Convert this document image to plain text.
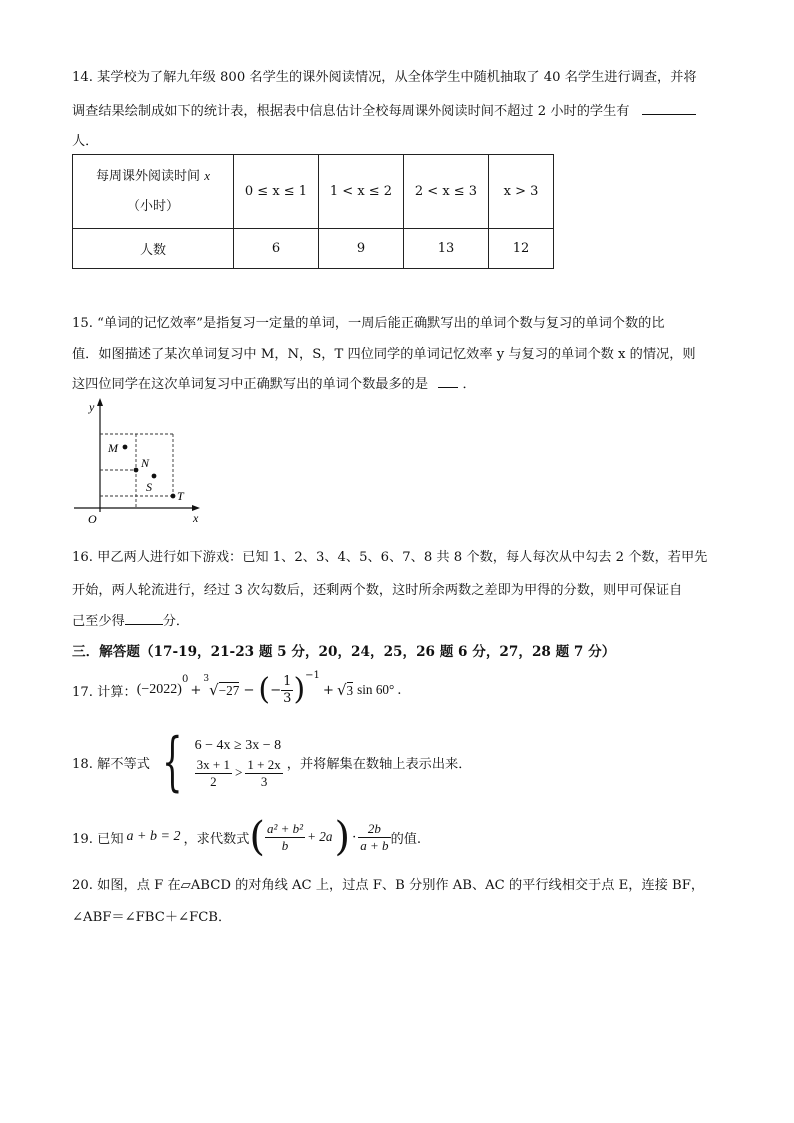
14. 某学校为了解九年级 800 名学生的课外阅读情况，从全体学生中随机抽取了 40 名学生进行调查，并将
调查结果绘制成如下的统计表，根据表中信息估计全校每周课外阅读时间不超过 2 小时的学生有
人．
每周课外阅读时间 x
（小时）	0 ≤ x ≤ 1	1 < x ≤ 2	2 < x ≤ 3	x > 3
人数	6	9	13	12
15. “单词的记忆效率”是指复习一定量的单词，一周后能正确默写出的单词个数与复习的单词个数的比
值．如图描述了某次单词复习中 M，N，S，T 四位同学的单词记忆效率 y 与复习的单词个数 x 的情况，则
这四位同学在这次单词复习中正确默写出的单词个数最多的是	．
y
x
O
M
N
S
T
16. 甲乙两人进行如下游戏：已知 1、2、3、4、5、6、7、8 共 8 个数，每人每次从中勾去 2 个数，若甲先
开始，两人轮流进行，经过 3 次勾数后，还剩两个数，这时所余两数之差即为甲得的分数，则甲可保证自
己至少得	分．
三．解答题（17-19，21-23 题 5 分，20，24，25，26 题 6 分，27，28 题 7 分）
17. 计算： (−2022)
$^0$
+
3
√ −27 − ( − $\frac{1}{3} )^{-1}$
+ √ 3 sin 60° .
18. 解不等式 { 6 − 4x ≥ 3x − 8
$\frac{3x + 1}{2} > \frac{1 + 2x}{3}$ ，并将解集在数轴上表示出来．
19. 已知 a + b = 2 ，求代数式 ( $\frac{\text{a² + b²}}{b} + 2a$ ) · $\frac{2b}{a + b}$ 的值.
20. 如图，点 F 在▱ABCD 的对角线 AC 上，过点 F、B 分别作 AB、AC 的平行线相交于点 E，连接 BF，
∠ABF＝∠FBC＋∠FCB．
